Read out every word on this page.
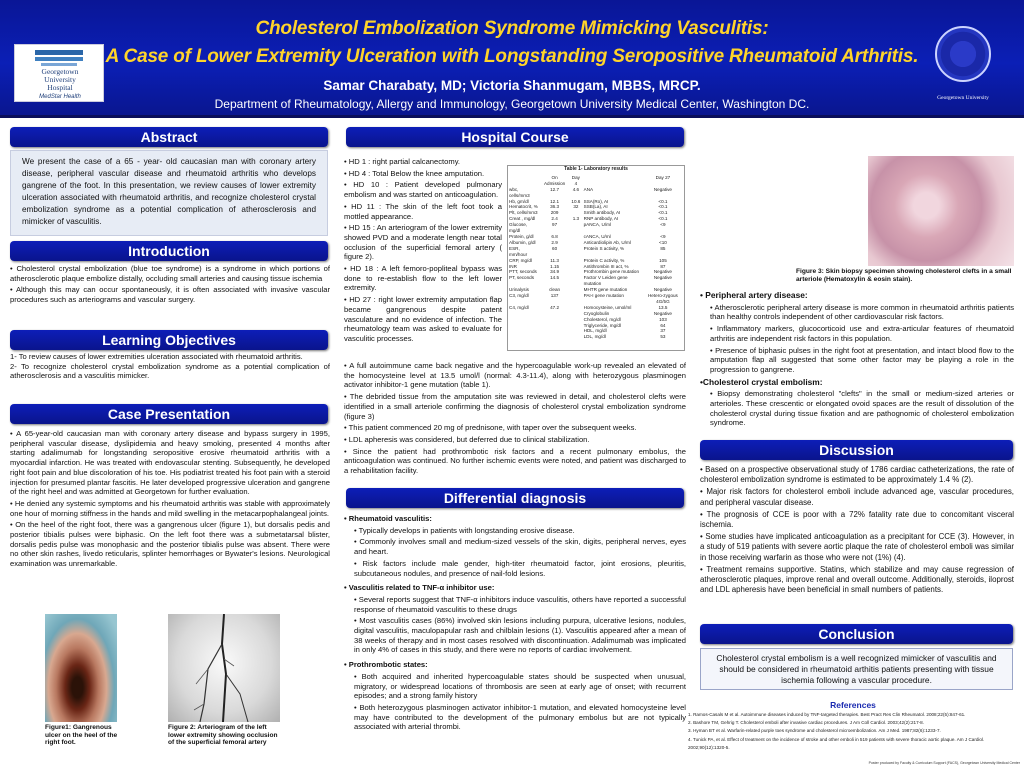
Georgetown
University
Hospital
MedStar Health
Cholesterol Embolization Syndrome Mimicking Vasculitis:
A Case of Lower Extremity Ulceration with Longstanding Seropositive Rheumatoid Arthritis.
Samar Charabaty, MD; Victoria Shanmugam, MBBS, MRCP.
Department of Rheumatology, Allergy and Immunology, Georgetown University Medical Center, Washington DC.	Georgetown University
Abstract
We present the case of a 65 - year- old caucasian man with coronary artery disease, peripheral vascular disease and rheumatoid arthritis who develops gangrene of the foot. In this presentation, we review causes of lower extremity ulceration associated with rheumatoid arthritis, and recognize cholesterol crystal embolization syndrome as a potential complication of atherosclerosis and mimicker of vasculitis.
Introduction
• Cholesterol crystal embolization (blue toe syndrome) is a syndrome in which portions of atherosclerotic plaque embolize distally, occluding small arteries and causing tissue ischemia
• Although this may can occur spontaneously, it is often associated with invasive vascular procedures such as arteriograms and vascular surgery.
Learning Objectives
1- To review causes of lower extremities ulceration associated with rheumatoid arthritis.
2- To recognize cholesterol crystal embolization syndrome as a potential complication of atherosclerosis and a vasculitis mimicker.
Case Presentation
• A 65-year-old caucasian man with coronary artery disease and bypass surgery in 1995, peripheral vascular disease, dyslipidemia and heavy smoking, presented 4 months after starting adalimumab for longstanding seropositive erosive rheumatoid arthritis with a myocardial infarction. He was treated with endovascular stenting. Subsequently, he developed right foot pain and blue discoloration of his toe. His podiatrist treated his foot pain with a steroid injection for presumed plantar fascitis. He later developed progressive ulceration and gangrene of the right heel and was admitted at Georgetown for further evaluation.
• He denied any systemic symptoms and his rheumatoid arthritis was stable with approximately one hour of morning stiffness in the hands and mild swelling in the metacarpophalangeal joints.
• On the heel of the right foot, there was a gangrenous ulcer (figure 1), but dorsalis pedis and posterior tibialis pulses were biphasic. On the left foot there was a submetatarsal blister, dorsalis pedis pulse was monophasic and the posterior tibialis pulse was absent. There were no other skin rashes, livedo reticularis, splinter hemorrhages or Bywater's lesions. Neurological examination was unremarkable.
Figure1: Gangrenous ulcer on the heel of the right foot.
Figure 2: Arteriogram of the left lower extremity showing occlusion of the superficial femoral artery
Hospital Course
• HD 1 : right partial calcanectomy.
• HD 4 : Total Below the knee amputation.
• HD 10 : Patient developed pulmonary embolism and was started on anticoagulation.
• HD 11 : The skin of the left foot took a mottled appearance.
• HD 15 : An arteriogram of the lower extremity showed PVD and a moderate length near total occlusion of the superficial femoral artery ( figure 2).
• HD 18 : A left femoro-popliteal bypass was done to re-establish flow to the left lower extremity.
• HD 27 : right lower extremity amputation flap became gangrenous despite patent vasculature and no evidence of infection. The rheumatology team was asked to evaluate for vasculitic processes.
Table 1- Laboratory results
	On Admission	Day 4		Day 27
wbc, cells/mm3	12.7	4.6	ANA	Negative
Hb, gm/dl	12.1	10.6	SSA(Ro), AI	<0.1
Hematocrit, %	36.3	32	SSB(La), AI	<0.1
Plt, cells/mm3	209		Smith antibody, AI	<0.1
Creat , mg/dl	2.4	1.3	RNP antibody, AI	<0.1
Glucose, mg/dl	97		pANCA, U/ml	<9
Protein, g/dl	6.8		cANCA, U/ml	<9
Albumin, g/dl	2.9		Anticardiolipin Ab, U/ml	<10
ESR, mm/hour	60		Protein S activity, %	85
CRP, mg/dl	11.3		Protein C activity, %	105
INR	1.15		Antithrombin III act, %	87
PTT, seconds	34.9		Prothrombin gene mutation	Negative
PT, seconds	14.5		Factor V Leiden gene mutation	Negative
Urinalysis	clean		MHTR gene mutation	Negative
C3, mg/dl	137		PAI-I gene mutation	Hetero-zygous 4G/5G
C4, mg/dl	47.2		Homocysteine, umol/ml	13.5
			Cryoglobulin	Negative
			Cholesterol, mg/dl	103
			Triglyceride, mg/dl	64
			HDL, mg/dl	37
			LDL, mg/dl	53
• A full autoimmune came back negative and the hypercoagulable work-up revealed an elevated of the homocysteine level at 13.5 umol/l (normal: 4.3-11.4), along with heterozygous plasminogen activator inhibitor-1 gene mutation (table 1).
• The debrided tissue from the amputation site was reviewed in detail, and cholesterol clefts were identified in a small arteriole confirming the diagnosis of cholesterol crystal embolization syndrome (figure 3)
• This patient commenced 20 mg of prednisone, with taper over the subsequent weeks.
• LDL apheresis was considered, but deferred due to clinical stabilization.
• Since the patient had prothrombotic risk factors and a recent pulmonary embolus, the anticoagulation was continued. No further ischemic events were noted, and patient was discharged to a rehabilitation facility.
Differential diagnosis
• Rheumatoid vasculitis:
• Typically develops in patients with longstanding erosive disease.
• Commonly involves small and medium-sized vessels of the skin, digits, peripheral nerves, eyes and heart.
• Risk factors include male gender, high-titer rheumatoid factor, joint erosions, pleuritis, subcutaneous nodules, and presence of nail-fold lesions.
• Vasculitis related to TNF-α inhibitor use:
• Several reports suggest that TNF-α inhibitors induce vasculitis, others have reported a successful response of rheumatoid vasculitis to these drugs
• Most vasculitis cases (86%) involved skin lesions including purpura, ulcerative lesions, nodules, digital vasculitis, maculopapular rash and chilblain lesions (1). Vasculitis appeared after a mean of 38 weeks of therapy and in most cases resolved with discontinuation. Adalimumab was implicated in only 4% of cases in this study, and there were no reports of cardiac involvement.
• Prothrombotic states:
• Both acquired and inherited hypercoagulable states should be suspected when unusual, migratory, or widespread locations of thrombosis are seen at early age of onset; with recurrent episodes; and a strong family history
• Both heterozygous plasminogen activator inhibitor-1 mutation, and elevated homocysteine level may have contributed to the development of the pulmonary embolus but are not typically associated with arterial thrombi.
Figure 3: Skin biopsy specimen showing cholesterol clefts in a small arteriole (Hematoxylin & eosin stain).
• Peripheral artery disease:
• Atherosclerotic peripheral artery disease is more common in rheumatoid arthritis patients than healthy controls independent of other cardiovascular risk factors.
• Inflammatory markers, glucocorticoid use and extra-articular features of rheumatoid arthritis are independent risk factors in this population.
• Presence of biphasic pulses in the right foot at presentation, and intact blood flow to the amputation flap all suggested that some other factor may be playing a role in the progression to gangrene.
•Cholesterol crystal embolism:
• Biopsy demonstrating cholesterol "clefts" in the small or medium-sized arteries or arterioles. These crescentic or elongated ovoid spaces are the result of dissolution of the cholesterol crystal during tissue fixation and are pathognomic of cholesterol embolization syndrome.
Discussion
• Based on a prospective observational study of 1786 cardiac catheterizations, the rate of cholesterol embolization syndrome is estimated to be approximately 1.4 % (2).
• Major risk factors for cholesterol emboli include advanced age, vascular procedures, and peripheral vascular disease.
• The prognosis of CCE is poor with a 72% fatality rate due to concomitant visceral ischemia.
• Some studies have implicated anticoagulation as a precipitant for CCE (3). However, in a study of 519 patients with severe aortic plaque the rate of cholesterol emboli was similar in those receiving warfarin as those who were not (1%) (4).
• Treatment remains supportive. Statins, which stabilize and may cause regression of atherosclerotic plaques, improve renal and overall outcome. Additionally, steroids, iloprost and LDL apheresis have been beneficial in small numbers of patients.
Conclusion
Cholesterol crystal embolism is a well recognized mimicker of vasculitis and should be considered in rheumatoid arthitis patients presenting with tissue ischemia following a vascular procedure.
References
1. Ramos-Casals M et al. Autoimmune diseases induced by TNF-targeted therapies. Best Pract Res Clin Rheumatol. 2008;22(5):847-61.
2. Bashore TM, Gehrig T. Cholesterol emboli after invasive cardiac procedures. J Am Coll Cardiol. 2003;42(2):217-8.
3. Hyman BT et al. Warfarin-related purple toes syndrome and cholesterol microembolization. Am J Med. 1987;82(6):1233-7.
4. Tunick PA, et al. Effect of treatment on the incidence of stroke and other emboli in 519 patients with severe thoracic aortic plaque. Am J Cardiol. 2002;90(12):1320-5.
Poster produced by Faculty & Curriculum Support (FACS), Georgetown University Medical Center
